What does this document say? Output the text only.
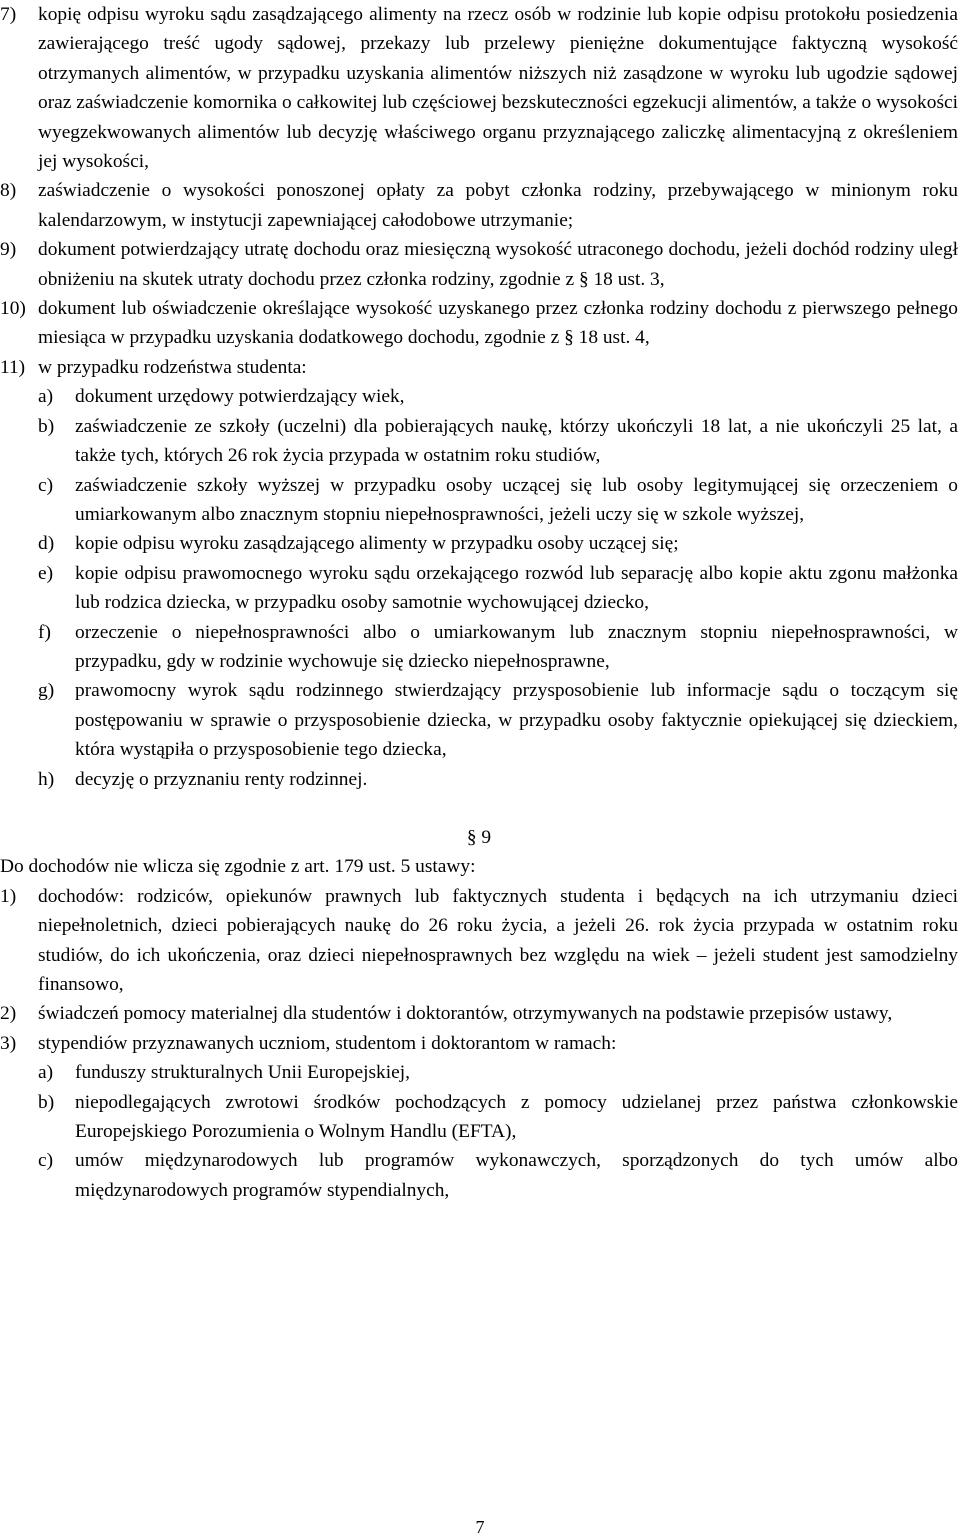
7) kopię odpisu wyroku sądu zasądzającego alimenty na rzecz osób w rodzinie lub kopie odpisu protokołu posiedzenia zawierającego treść ugody sądowej, przekazy lub przelewy pieniężne dokumentujące faktyczną wysokość otrzymanych alimentów, w przypadku uzyskania alimentów niższych niż zasądzone w wyroku lub ugodzie sądowej oraz zaświadczenie komornika o całkowitej lub częściowej bezskuteczności egzekucji alimentów, a także o wysokości wyegzekwowanych alimentów lub decyzję właściwego organu przyznającego zaliczkę alimentacyjną z określeniem jej wysokości,
8) zaświadczenie o wysokości ponoszonej opłaty za pobyt członka rodziny, przebywającego w minionym roku kalendarzowym, w instytucji zapewniającej całodobowe utrzymanie;
9) dokument potwierdzający utratę dochodu oraz miesięczną wysokość utraconego dochodu, jeżeli dochód rodziny uległ obniżeniu na skutek utraty dochodu przez członka rodziny, zgodnie z § 18 ust. 3,
10) dokument lub oświadczenie określające wysokość uzyskanego przez członka rodziny dochodu z pierwszego pełnego miesiąca w przypadku uzyskania dodatkowego dochodu, zgodnie z § 18 ust. 4,
11) w przypadku rodzeństwa studenta:
a) dokument urzędowy potwierdzający wiek,
b) zaświadczenie ze szkoły (uczelni) dla pobierających naukę, którzy ukończyli 18 lat, a nie ukończyli 25 lat, a także tych, których 26 rok życia przypada w ostatnim roku studiów,
c) zaświadczenie szkoły wyższej w przypadku osoby uczącej się lub osoby legitymującej się orzeczeniem o umiarkowanym albo znacznym stopniu niepełnosprawności, jeżeli uczy się w szkole wyższej,
d) kopie odpisu wyroku zasądzającego alimenty w przypadku osoby uczącej się;
e) kopie odpisu prawomocnego wyroku sądu orzekającego rozwód lub separację albo kopie aktu zgonu małżonka lub rodzica dziecka, w przypadku osoby samotnie wychowującej dziecko,
f) orzeczenie o niepełnosprawności albo o umiarkowanym lub znacznym stopniu niepełnosprawności, w przypadku, gdy w rodzinie wychowuje się dziecko niepełnosprawne,
g) prawomocny wyrok sądu rodzinnego stwierdzający przysposobienie lub informacje sądu o toczącym się postępowaniu w sprawie o przysposobienie dziecka, w przypadku osoby faktycznie opiekującej się dzieckiem, która wystąpiła o przysposobienie tego dziecka,
h) decyzję o przyznaniu renty rodzinnej.

§ 9

Do dochodów nie wlicza się zgodnie z art. 179 ust. 5 ustawy:

1) dochodów: rodziców, opiekunów prawnych lub faktycznych studenta i będących na ich utrzymaniu dzieci niepełnoletnich, dzieci pobierających naukę do 26 roku życia, a jeżeli 26. rok życia przypada w ostatnim roku studiów, do ich ukończenia, oraz dzieci niepełnosprawnych bez względu na wiek – jeżeli student jest samodzielny finansowo,
2) świadczeń pomocy materialnej dla studentów i doktorantów, otrzymywanych na podstawie przepisów ustawy,
3) stypendiów przyznawanych uczniom, studentom i doktorantom w ramach:
a) funduszy strukturalnych Unii Europejskiej,
b) niepodlegających zwrotowi środków pochodzących z pomocy udzielanej przez państwa członkowskie Europejskiego Porozumienia o Wolnym Handlu (EFTA),
c) umów międzynarodowych lub programów wykonawczych, sporządzonych do tych umów albo międzynarodowych programów stypendialnych,
7
